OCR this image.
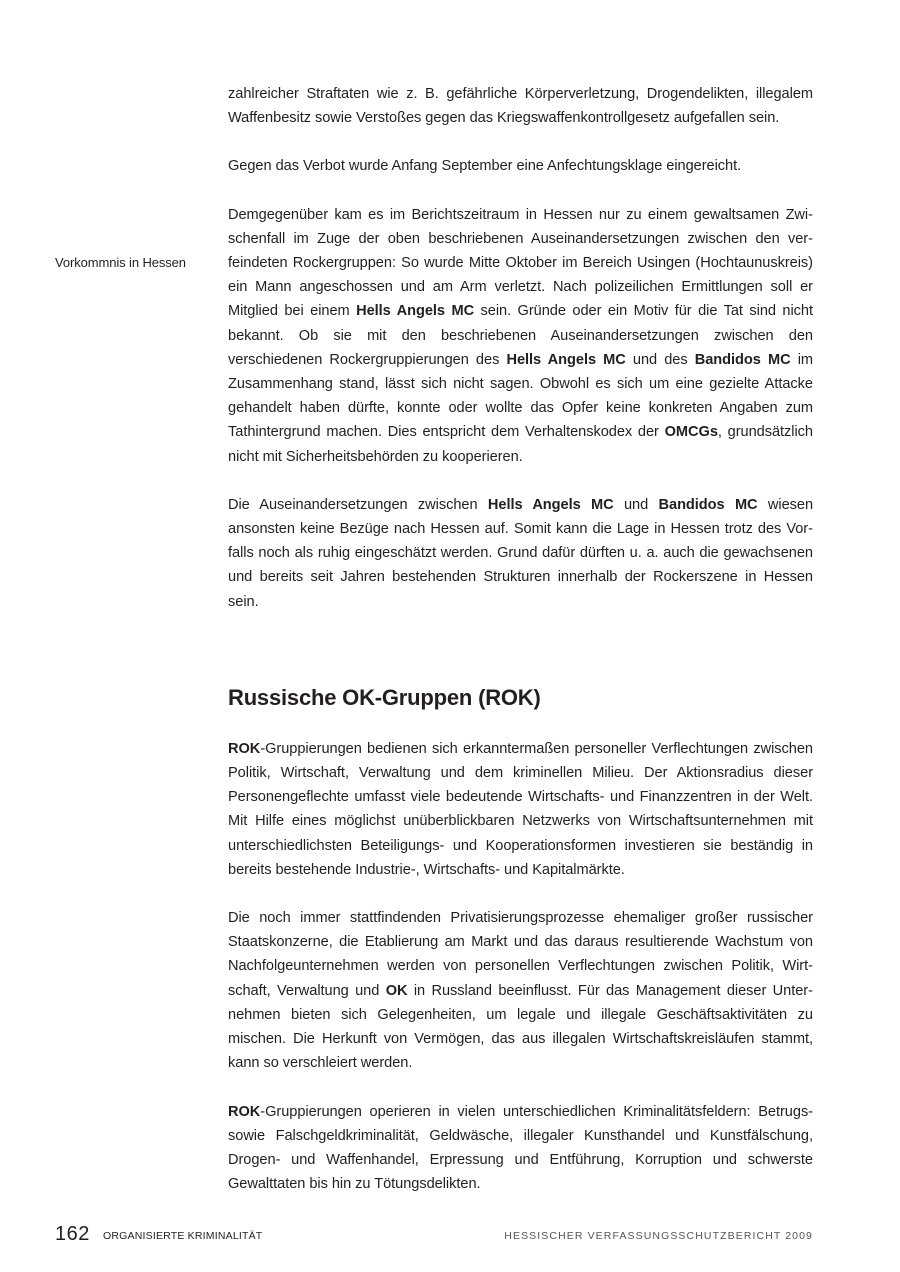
Vorkommnis in Hessen

zahlreicher Straftaten wie z. B. gefährliche Körperverletzung, Drogendelikten, illegalem Waffenbesitz sowie Verstoßes gegen das Kriegswaffenkontrollgesetz aufgefallen sein.

Gegen das Verbot wurde Anfang September eine Anfechtungsklage eingereicht.

Demgegenüber kam es im Berichtszeitraum in Hessen nur zu einem gewaltsamen Zwischenfall im Zuge der oben beschriebenen Auseinandersetzungen zwischen den verfeindeten Rockergruppen: So wurde Mitte Oktober im Bereich Usingen (Hochtaunuskreis) ein Mann angeschossen und am Arm verletzt. Nach polizeilichen Ermittlungen soll er Mitglied bei einem Hells Angels MC sein. Gründe oder ein Motiv für die Tat sind nicht bekannt. Ob sie mit den beschriebenen Auseinandersetzungen zwischen den verschiedenen Rockergruppierungen des Hells Angels MC und des Bandidos MC im Zusammenhang stand, lässt sich nicht sagen. Obwohl es sich um eine gezielte Attacke gehandelt haben dürfte, konnte oder wollte das Opfer keine konkreten Angaben zum Tathintergrund machen. Dies entspricht dem Verhaltenskodex der OMCGs, grundsätzlich nicht mit Sicherheitsbehörden zu kooperieren.

Die Auseinandersetzungen zwischen Hells Angels MC und Bandidos MC wiesen ansonsten keine Bezüge nach Hessen auf. Somit kann die Lage in Hessen trotz des Vorfalls noch als ruhig eingeschätzt werden. Grund dafür dürften u. a. auch die gewachsenen und bereits seit Jahren bestehenden Strukturen innerhalb der Rockerszene in Hessen sein.

Russische OK-Gruppen (ROK)

ROK-Gruppierungen bedienen sich erkanntermaßen personeller Verflechtungen zwischen Politik, Wirtschaft, Verwaltung und dem kriminellen Milieu. Der Aktionsradius dieser Personengeflechte umfasst viele bedeutende Wirtschafts- und Finanzzentren in der Welt. Mit Hilfe eines möglichst unüberblickbaren Netzwerks von Wirtschaftsunternehmen mit unterschiedlichsten Beteiligungs- und Kooperationsformen investieren sie beständig in bereits bestehende Industrie-, Wirtschafts- und Kapitalmärkte.

Die noch immer stattfindenden Privatisierungsprozesse ehemaliger großer russischer Staatskonzerne, die Etablierung am Markt und das daraus resultierende Wachstum von Nachfolgeunternehmen werden von personellen Verflechtungen zwischen Politik, Wirtschaft, Verwaltung und OK in Russland beeinflusst. Für das Management dieser Unternehmen bieten sich Gelegenheiten, um legale und illegale Geschäftsaktivitäten zu mischen. Die Herkunft von Vermögen, das aus illegalen Wirtschaftskreisläufen stammt, kann so verschleiert werden.

ROK-Gruppierungen operieren in vielen unterschiedlichen Kriminalitätsfeldern: Betrugs- sowie Falschgeldkriminalität, Geldwäsche, illegaler Kunsthandel und Kunstfälschung, Drogen- und Waffenhandel, Erpressung und Entführung, Korruption und schwerste Gewalttaten bis hin zu Tötungsdelikten.

162 ORGANISIERTE KRIMINALITÄT	HESSISCHER VERFASSUNGSSCHUTZBERICHT 2009
